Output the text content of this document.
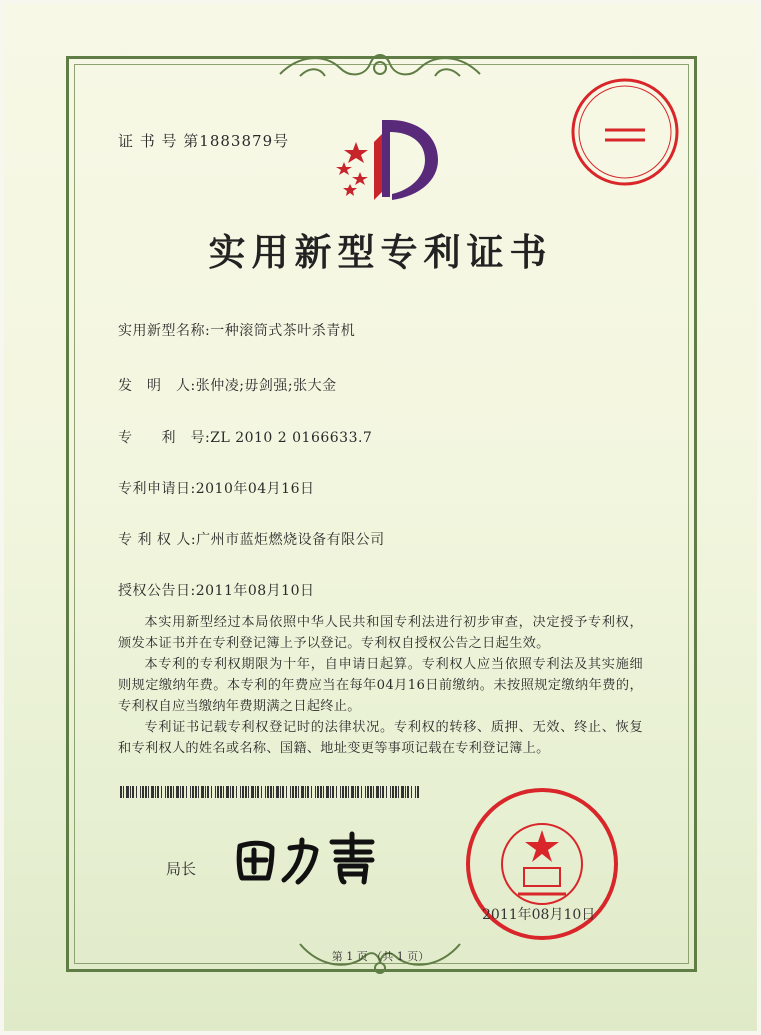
证 书 号 第1883879号
实用新型专利证书
实用新型名称:一种滚筒式茶叶杀青机
发　明　人:张仲凌;毋剑强;张大金
专　　利　号:ZL 2010 2 0166633.7
专利申请日:2010年04月16日
专 利 权 人:广州市蓝炬燃烧设备有限公司
授权公告日:2011年08月10日

本实用新型经过本局依照中华人民共和国专利法进行初步审查，决定授予专利权，颁发本证书并在专利登记簿上予以登记。专利权自授权公告之日起生效。

本专利的专利权期限为十年，自申请日起算。专利权人应当依照专利法及其实施细则规定缴纳年费。本专利的年费应当在每年04月16日前缴纳。未按照规定缴纳年费的，专利权自应当缴纳年费期满之日起终止。

专利证书记载专利权登记时的法律状况。专利权的转移、质押、无效、终止、恢复和专利权人的姓名或名称、国籍、地址变更等事项记载在专利登记簿上。

局长
2011年08月10日
第 1 页 （共 1 页）
